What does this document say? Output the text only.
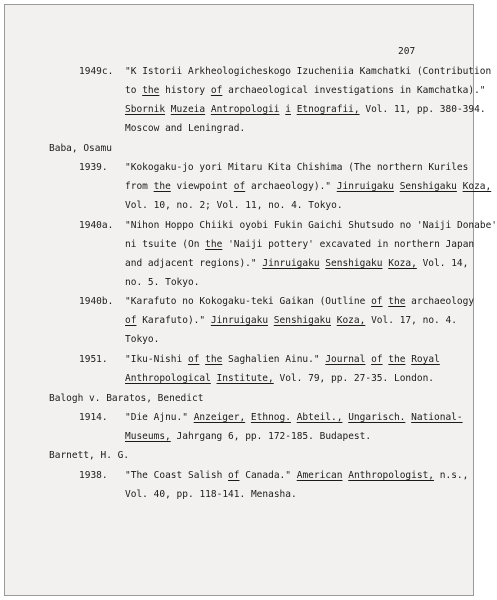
207
1949c. "K Istorii Arkheologicheskogo Izucheniia Kamchatki (Contribution
to the history of archaeological investigations in Kamchatka)."
Sbornik Muzeia Antropologii i Etnografii, Vol. 11, pp. 380-394.
Moscow and Leningrad.
Baba, Osamu
1939. "Kokogaku-jo yori Mitaru Kita Chishima (The northern Kuriles
from the viewpoint of archaeology)." Jinruigaku Senshigaku Koza,
Vol. 10, no. 2; Vol. 11, no. 4. Tokyo.
1940a. "Nihon Hoppo Chiiki oyobi Fukin Gaichi Shutsudo no 'Naiji Donabe'
ni tsuite (On the 'Naiji pottery' excavated in northern Japan
and adjacent regions)." Jinruigaku Senshigaku Koza, Vol. 14,
no. 5. Tokyo.
1940b. "Karafuto no Kokogaku-teki Gaikan (Outline of the archaeology
of Karafuto)." Jinruigaku Senshigaku Koza, Vol. 17, no. 4.
Tokyo.
1951. "Iku-Nishi of the Saghalien Ainu." Journal of the Royal
Anthropological Institute, Vol. 79, pp. 27-35. London.
Balogh v. Baratos, Benedict
1914. "Die Ajnu." Anzeiger, Ethnog. Abteil., Ungarisch. National-
Museums, Jahrgang 6, pp. 172-185. Budapest.
Barnett, H. G.
1938. "The Coast Salish of Canada." American Anthropologist, n.s.,
Vol. 40, pp. 118-141. Menasha.
